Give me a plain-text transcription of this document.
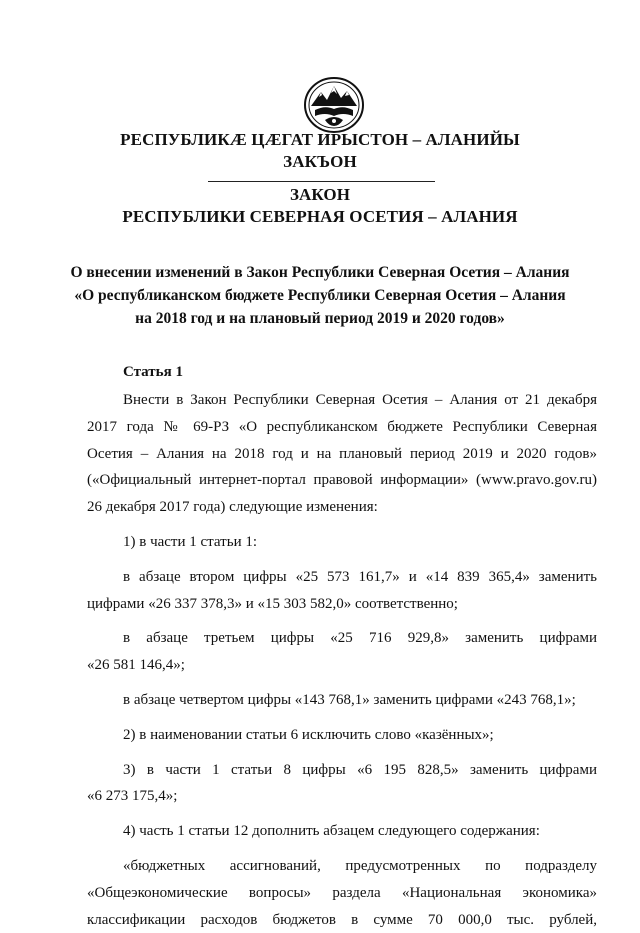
РЕСПУБЛИКӔ ЦӔГАТ ИРЫСТОН – АЛАНИЙЫ
ЗАКЪОН
ЗАКОН
РЕСПУБЛИКИ СЕВЕРНАЯ ОСЕТИЯ – АЛАНИЯ
О внесении изменений в Закон Республики Северная Осетия – Алания
«О республиканском бюджете Республики Северная Осетия – Алания
на 2018 год и на плановый период 2019 и 2020 годов»
Статья 1
Внести в Закон Республики Северная Осетия – Алания от 21 декабря
2017 года № 69-РЗ «О республиканском бюджете Республики Северная
Осетия – Алания на 2018 год и на плановый период 2019 и 2020 годов»
(«Официальный интернет-портал правовой информации» (www.pravo.gov.ru)
26 декабря 2017 года) следующие изменения:
1) в части 1 статьи 1:
в абзаце втором цифры «25 573 161,7» и «14 839 365,4» заменить
цифрами «26 337 378,3» и «15 303 582,0» соответственно;
в абзаце третьем цифры «25 716 929,8» заменить цифрами
«26 581 146,4»;
в абзаце четвертом цифры «143 768,1» заменить цифрами «243 768,1»;
2) в наименовании статьи 6 исключить слово «казённых»;
3) в части 1 статьи 8 цифры «6 195 828,5» заменить цифрами
«6 273 175,4»;
4) часть 1 статьи 12 дополнить абзацем следующего содержания:
«бюджетных ассигнований, предусмотренных по подразделу
«Общеэкономические вопросы» раздела «Национальная экономика»
классификации расходов бюджетов в сумме 70 000,0 тыс. рублей,
